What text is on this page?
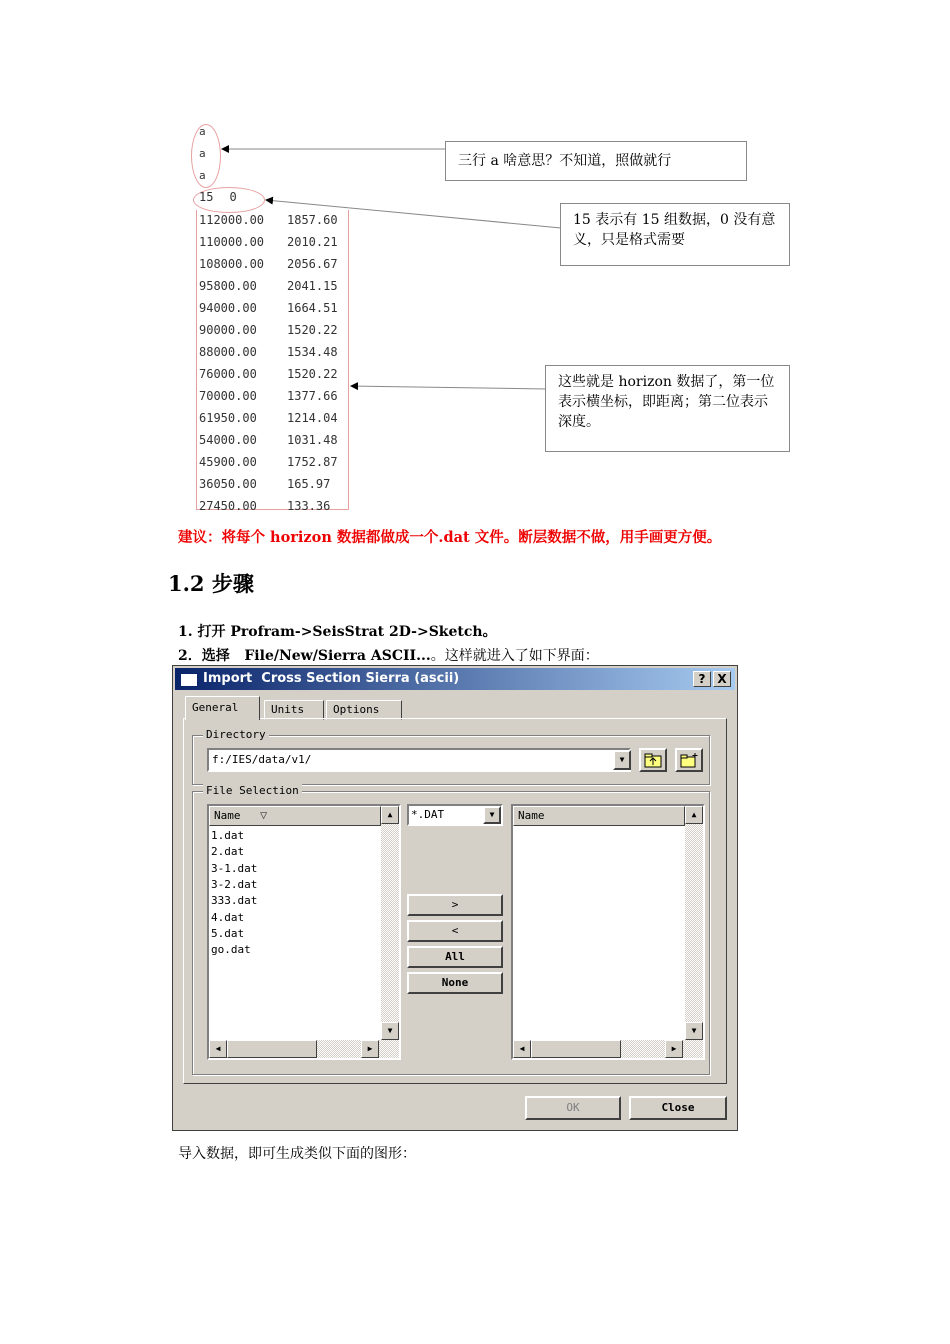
a
a
a
15 0
112000.00 1857.60
110000.00 2010.21
108000.00 2056.67
95800.00	2041.15
94000.00	1664.51
90000.00	1520.22
88000.00	1534.48
76000.00	1520.22
70000.00	1377.66
61950.00	1214.04
54000.00	1031.48
45900.00	1752.87
36050.00	165.97
27450.00	133.36
三行 a 啥意思？不知道，照做就行
15 表示有 15 组数据，0 没有意义，只是格式需要
这些就是 horizon 数据了，第一位表示横坐标，即距离；第二位表示深度。
建议：将每个 horizon 数据都做成一个.dat 文件。断层数据不做，用手画更方便。
1.2 步骤
1. 打开 Profram->SeisStrat 2D->Sketch。
2．选择   File/New/Sierra ASCII...。这样就进入了如下界面：
Import  Cross Section Sierra (ascii)	? X
General	Units	Options
Directory
f:/IES/data/v1/	▼
File Selection
Name ▽
1.dat
2.dat
3-1.dat
3-2.dat
333.dat
4.dat
5.dat
go.dat
▲
▼
◀	▶
*.DAT	▼
>
<
All
None
Name	▲
▼
◀	▶
OK	Close
导入数据，即可生成类似下面的图形：
